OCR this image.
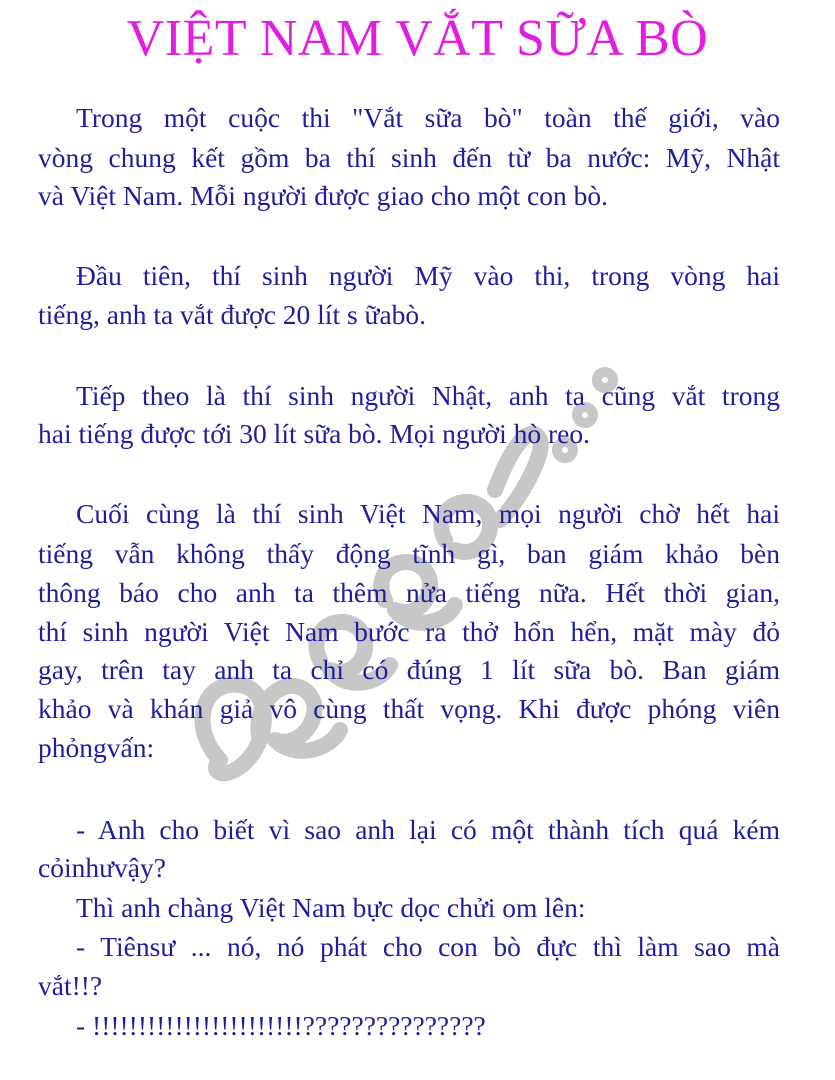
VIỆT NAM VẮT SỮA BÒ
Trong một cuộc thi "Vắt sữa bò" toàn thế giới, vào
vòng chung kết gồm ba thí sinh đến từ ba nước: Mỹ, Nhật
và Việt Nam. Mỗi người được giao cho một con bò.
Đầu tiên, thí sinh người Mỹ vào thi, trong vòng hai
tiếng, anh ta vắt được 20 lít s ữabò.
Tiếp theo là thí sinh người Nhật, anh ta cũng vắt trong
hai tiếng được tới 30 lít sữa bò. Mọi người hò reo.
Cuối cùng là thí sinh Việt Nam, mọi người chờ hết hai
tiếng vẫn không thấy động tĩnh gì, ban giám khảo bèn
thông báo cho anh ta thêm nửa tiếng nữa. Hết thời gian,
thí sinh người Việt Nam bước ra thở hổn hển, mặt mày đỏ
gay, trên tay anh ta chỉ có đúng 1 lít sữa bò. Ban giám
khảo và khán giả vô cùng thất vọng. Khi được phóng viên
phỏngvấn:
- Anh cho biết vì sao anh lại có một thành tích quá kém
cỏinhưvậy?
Thì anh chàng Việt Nam bực dọc chửi om lên:
- Tiênsư ... nó, nó phát cho con bò đực thì làm sao mà
vắt!!?
- !!!!!!!!!!!!!!!!!!!!!!!???????????????
